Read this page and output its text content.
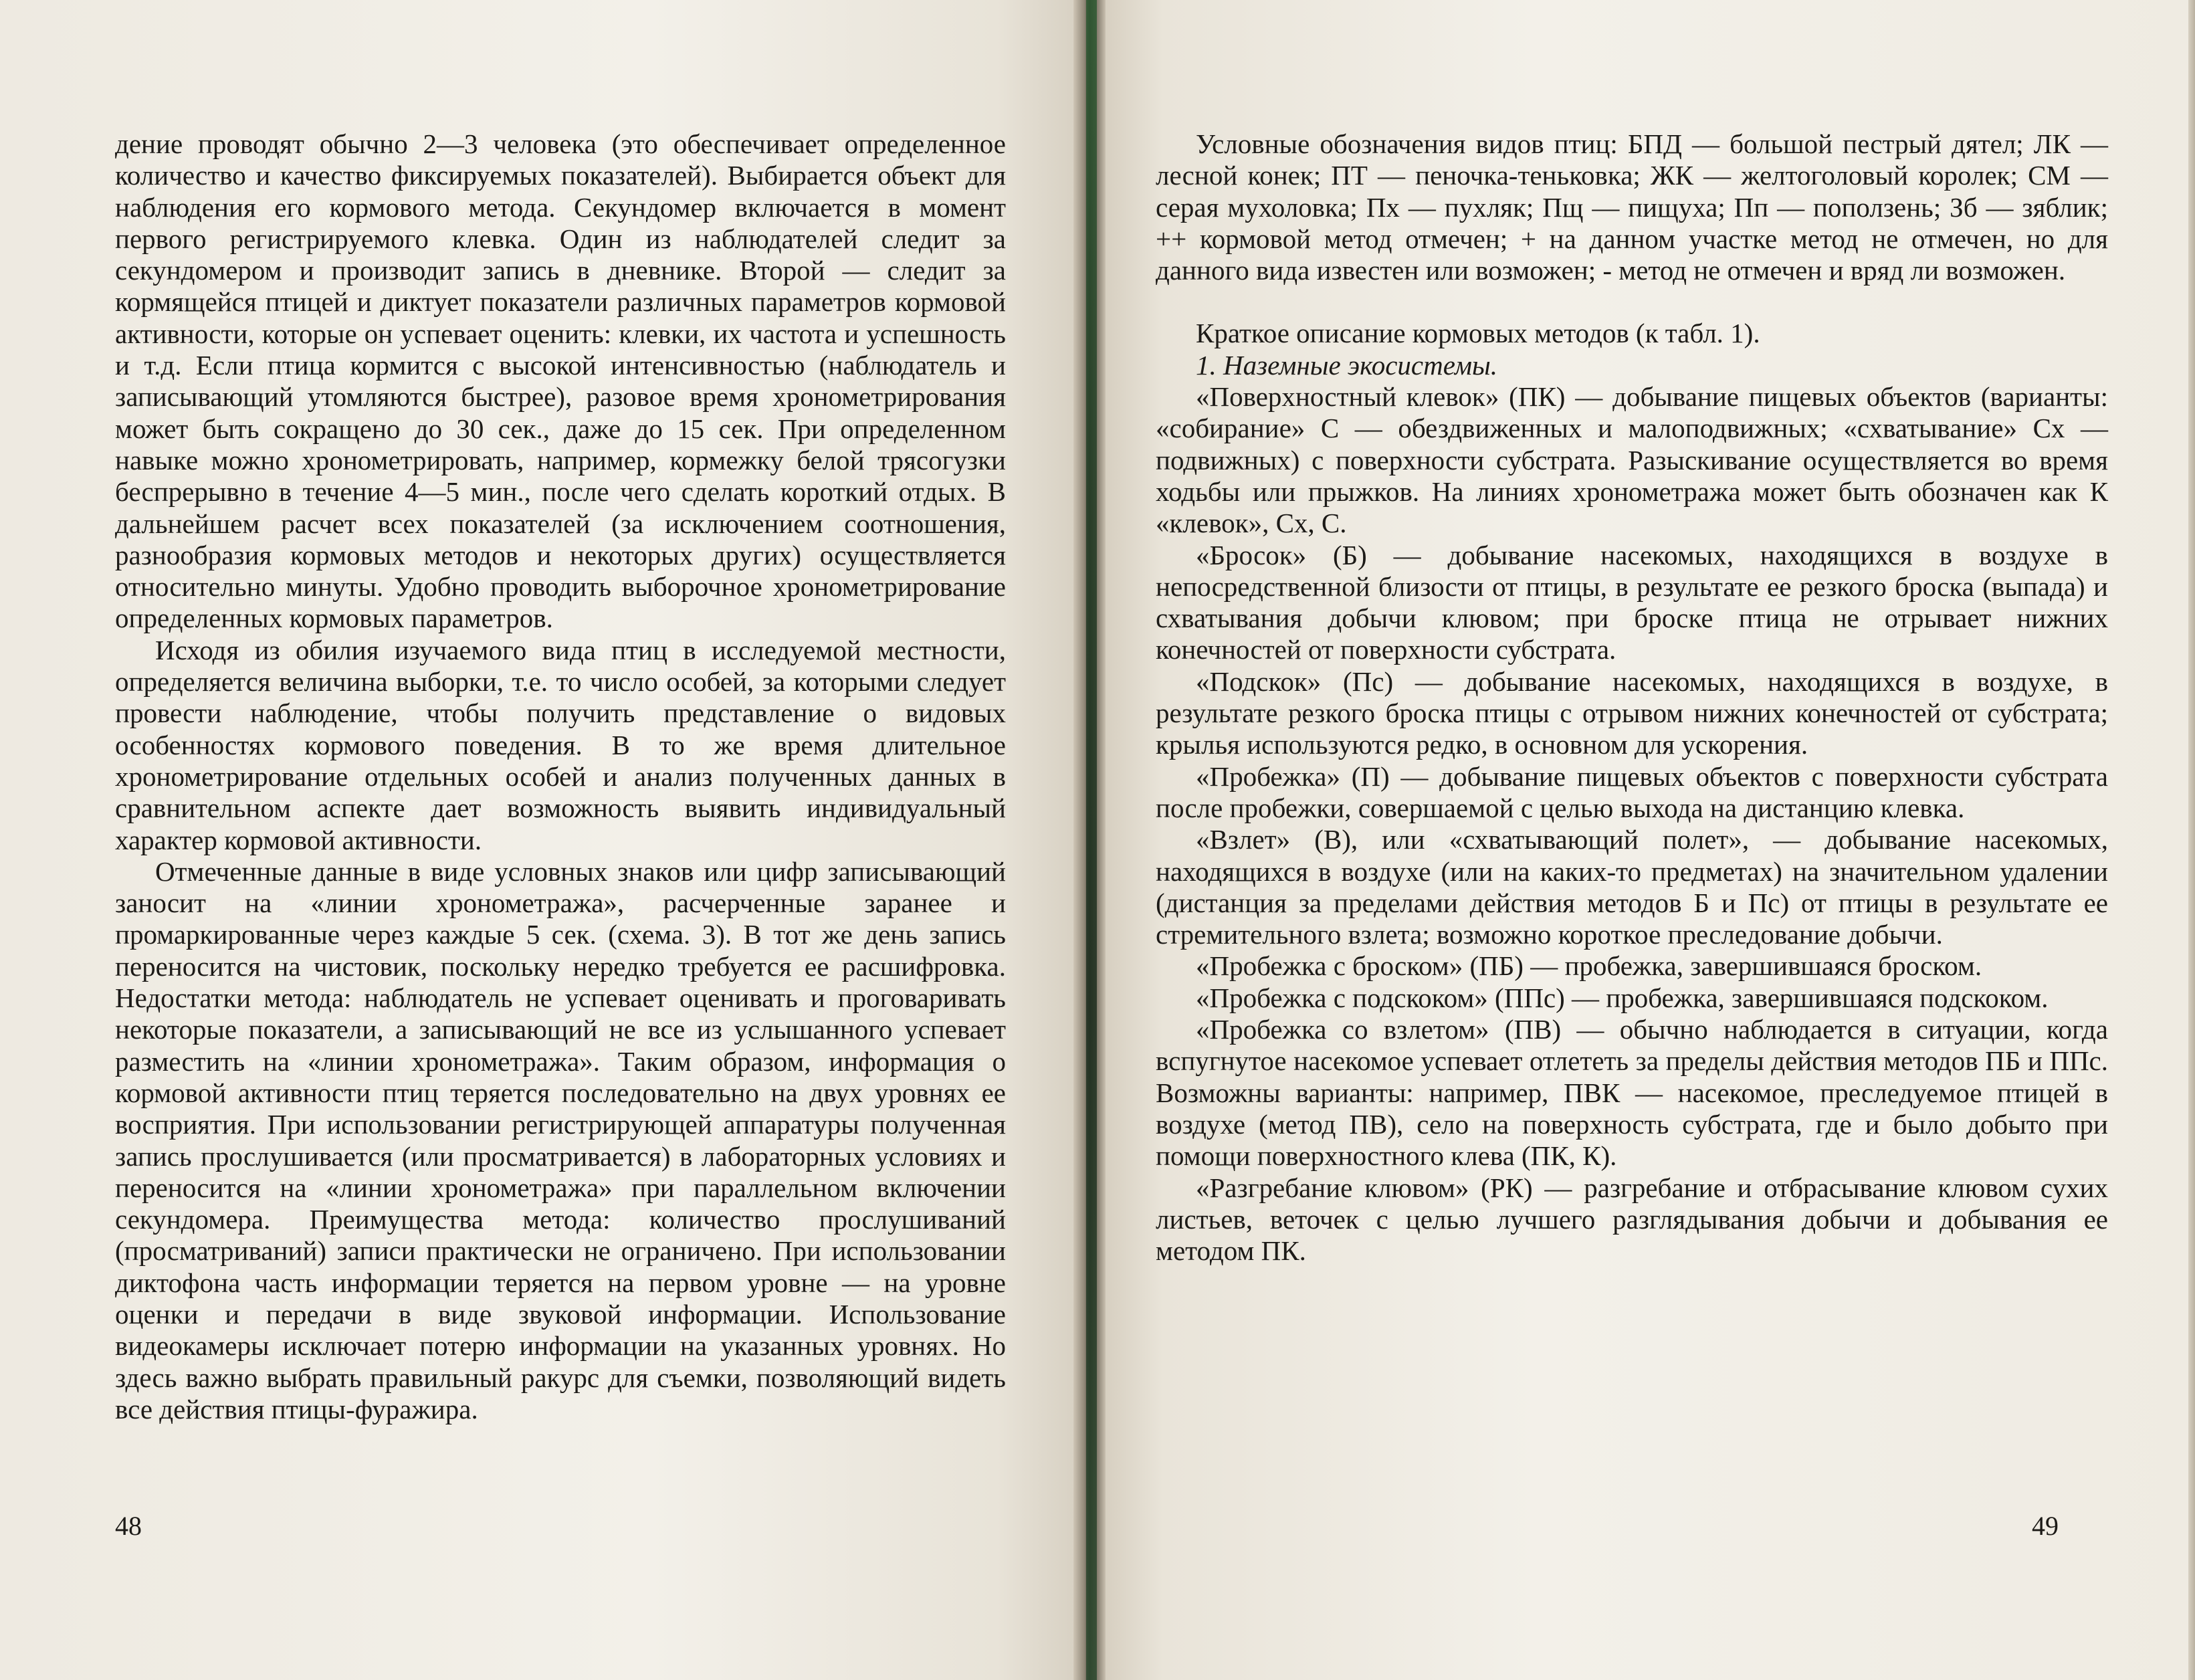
дение проводят обычно 2—3 человека (это обеспечивает определенное количество и качество фиксируемых показателей). Выбирается объект для наблюдения его кормового метода. Секундомер включается в момент первого регистрируемого клевка. Один из наблюдателей следит за секундомером и производит запись в дневнике. Второй — следит за кормящейся птицей и диктует показатели различных параметров кормовой активности, которые он успевает оценить: клевки, их частота и успешность и т.д. Если птица кормится с высокой интенсивностью (наблюдатель и записывающий утомляются быстрее), разовое время хронометрирования может быть сокращено до 30 сек., даже до 15 сек. При определенном навыке можно хронометрировать, например, кормежку белой трясогузки беспрерывно в течение 4—5 мин., после чего сделать короткий отдых. В дальнейшем расчет всех показателей (за исключением соотношения, разнообразия кормовых методов и некоторых других) осуществляется относительно минуты. Удобно проводить выборочное хронометрирование определенных кормовых параметров.

Исходя из обилия изучаемого вида птиц в исследуемой местности, определяется величина выборки, т.е. то число особей, за которыми следует провести наблюдение, чтобы получить представление о видовых особенностях кормового поведения. В то же время длительное хронометрирование отдельных особей и анализ полученных данных в сравнительном аспекте дает возможность выявить индивидуальный характер кормовой активности.

Отмеченные данные в виде условных знаков или цифр записывающий заносит на «линии хронометража», расчерченные заранее и промаркированные через каждые 5 сек. (схема. 3). В тот же день запись переносится на чистовик, поскольку нередко требуется ее расшифровка. Недостатки метода: наблюдатель не успевает оценивать и проговаривать некоторые показатели, а записывающий не все из услышанного успевает разместить на «линии хронометража». Таким образом, информация о кормовой активности птиц теряется последовательно на двух уровнях ее восприятия. При использовании регистрирующей аппаратуры полученная запись прослушивается (или просматривается) в лабораторных условиях и переносится на «линии хронометража» при параллельном включении секундомера. Преимущества метода: количество прослушиваний (просматриваний) записи практически не ограничено. При использовании диктофона часть информации теряется на первом уровне — на уровне оценки и передачи в виде звуковой информации. Использование видеокамеры исключает потерю информации на указанных уровнях. Но здесь важно выбрать правильный ракурс для съемки, позволяющий видеть все действия птицы-фуражира.

48

Условные обозначения видов птиц: БПД — большой пестрый дятел; ЛК — лесной конек; ПТ — пеночка-теньковка; ЖК — желтоголовый королек; СМ — серая мухоловка; Пх — пухляк; Пщ — пищуха; Пп — поползень; Зб — зяблик; ++ кормовой метод отмечен; + на данном участке метод не отмечен, но для данного вида известен или возможен; - метод не отмечен и вряд ли возможен.

Краткое описание кормовых методов (к табл. 1).

1. Наземные экосистемы.

«Поверхностный клевок» (ПК) — добывание пищевых объектов (варианты: «собирание» С — обездвиженных и малоподвижных; «схватывание» Сх — подвижных) с поверхности субстрата. Разыскивание осуществляется во время ходьбы или прыжков. На линиях хронометража может быть обозначен как К «клевок», Сх, С.

«Бросок» (Б) — добывание насекомых, находящихся в воздухе в непосредственной близости от птицы, в результате ее резкого броска (выпада) и схватывания добычи клювом; при броске птица не отрывает нижних конечностей от поверхности субстрата.

«Подскок» (Пс) — добывание насекомых, находящихся в воздухе, в результате резкого броска птицы с отрывом нижних конечностей от субстрата; крылья используются редко, в основном для ускорения.

«Пробежка» (П) — добывание пищевых объектов с поверхности субстрата после пробежки, совершаемой с целью выхода на дистанцию клевка.

«Взлет» (В), или «схватывающий полет», — добывание насекомых, находящихся в воздухе (или на каких-то предметах) на значительном удалении (дистанция за пределами действия методов Б и Пс) от птицы в результате ее стремительного взлета; возможно короткое преследование добычи.

«Пробежка с броском» (ПБ) — пробежка, завершившаяся броском.

«Пробежка с подскоком» (ППс) — пробежка, завершившаяся подскоком.

«Пробежка со взлетом» (ПВ) — обычно наблюдается в ситуации, когда вспугнутое насекомое успевает отлететь за пределы действия методов ПБ и ППс. Возможны варианты: например, ПВК — насекомое, преследуемое птицей в воздухе (метод ПВ), село на поверхность субстрата, где и было добыто при помощи поверхностного клева (ПК, К).

«Разгребание клювом» (РК) — разгребание и отбрасывание клювом сухих листьев, веточек с целью лучшего разглядывания добычи и добывания ее методом ПК.

49
